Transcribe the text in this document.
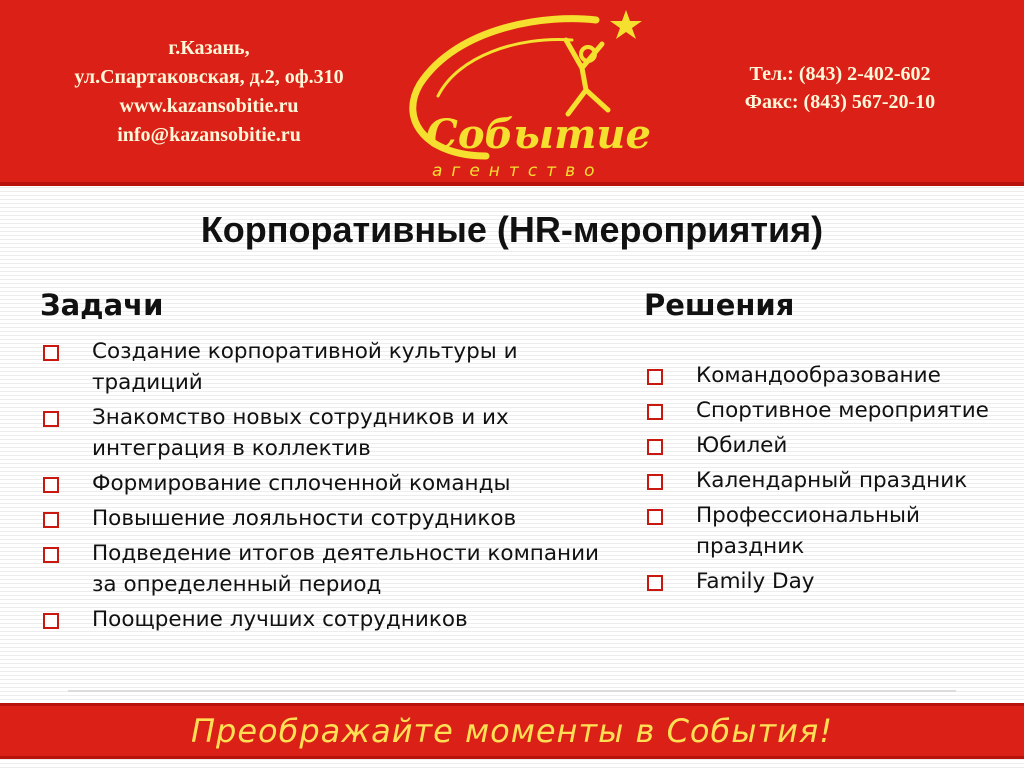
г.Казань,
ул.Спартаковская, д.2, оф.310
www.kazansobitie.ru
info@kazansobitie.ru	Событие
агентство
Тел.: (843) 2-402-602
Факс: (843) 567-20-10
Корпоративные (HR-мероприятия)
Задачи
Создание корпоративной культуры и традиций
Знакомство новых сотрудников и их интеграция в коллектив
Формирование сплоченной команды
Повышение лояльности сотрудников
Подведение итогов деятельности компании за определенный период
Поощрение лучших сотрудников
Решения
Командообразование
Спортивное мероприятие
Юбилей
Календарный праздник
Профессиональный праздник
Family Day
Преображайте моменты в События!
